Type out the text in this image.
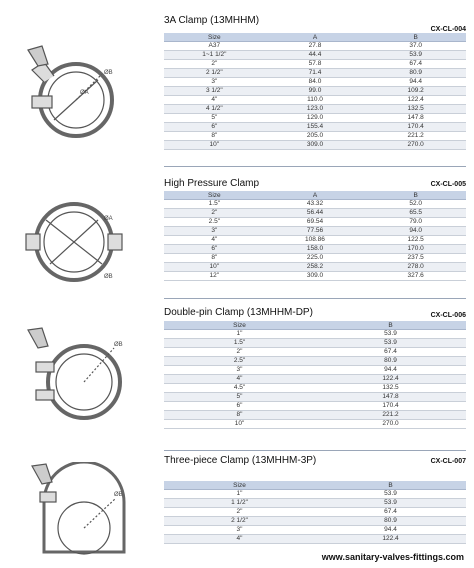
ØB
ØA
3A Clamp (13MHHM)
CX-CL-004
Size	A	B
A37	27.8	37.0
1~1 1/2"	44.4	53.9
2"	57.8	67.4
2 1/2"	71.4	80.9
3"	84.0	94.4
3 1/2"	99.0	109.2
4"	110.0	122.4
4 1/2"	123.0	132.5
5"	129.0	147.8
6"	155.4	170.4
8"	205.0	221.2
10"	309.0	270.0
ØA
ØB
High Pressure Clamp	CX-CL-005
Size	A	B
1.5"	43.32	52.0
2"	56.44	65.5
2.5"	69.54	79.0
3"	77.56	94.0
4"	108.86	122.5
6"	158.0	170.0
8"	225.0	237.5
10"	258.2	278.0
12"	309.0	327.6
ØB
Double-pin Clamp (13MHHM-DP)	CX-CL-006
Size	B
1"	53.9
1.5"	53.9
2"	67.4
2.5"	80.9
3"	94.4
4"	122.4
4.5"	132.5
5"	147.8
6"	170.4
8"	221.2
10"	270.0
ØB
Three-piece Clamp (13MHHM-3P)	CX-CL-007
Size	B
1"	53.9
1 1/2"	53.9
2"	67.4
2 1/2"	80.9
3"	94.4
4"	122.4
www.sanitary-valves-fittings.com
